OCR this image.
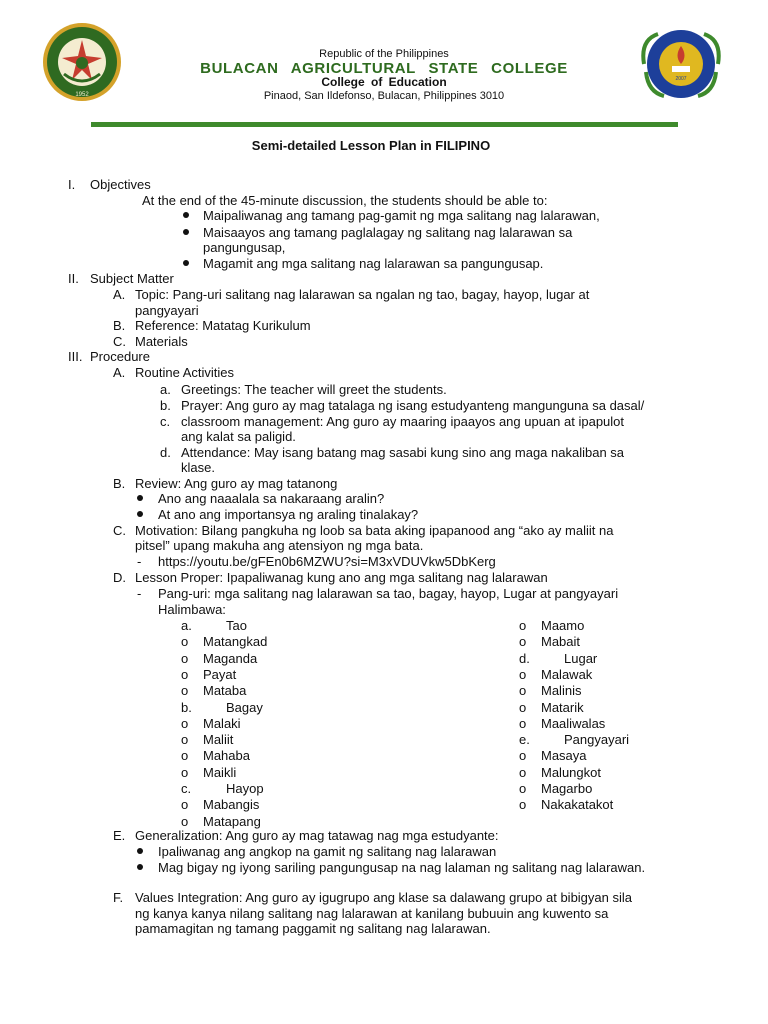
1952
2007
Republic of the Philippines
BULACAN AGRICULTURAL STATE COLLEGE
College of Education
Pinaod, San Ildefonso, Bulacan, Philippines 3010
Semi-detailed Lesson Plan in FILIPINO
I. Objectives
At the end of the 45-minute discussion, the students should be able to:
Maipaliwanag ang tamang pag-gamit ng mga salitang nag lalarawan,
Maisaayos ang tamang paglalagay ng salitang nag lalarawan sa
pangungusap,
Magamit ang mga salitang nag lalarawan sa pangungusap.
II. Subject Matter
A. Topic: Pang-uri salitang nag lalarawan sa ngalan ng tao, bagay, hayop, lugar at
pangyayari
B. Reference: Matatag Kurikulum
C. Materials
III. Procedure
A. Routine Activities
a. Greetings: The teacher will greet the students.
b. Prayer: Ang guro ay mag tatalaga ng isang estudyanteng mangunguna sa dasal/
c. classroom management: Ang guro ay maaring ipaayos ang upuan at ipapulot
ang kalat sa paligid.
d. Attendance: May isang batang mag sasabi kung sino ang maga nakaliban sa
klase.
B. Review: Ang guro ay mag tatanong
Ano ang naaalala sa nakaraang aralin?
At ano ang importansya ng araling tinalakay?
C. Motivation: Bilang pangkuha ng loob sa bata aking ipapanood ang “ako ay maliit na
pitsel” upang makuha ang atensiyon ng mga bata.
- https://youtu.be/gFEn0b6MZWU?si=M3xVDUVkw5DbKerg
D. Lesson Proper: Ipapaliwanag kung ano ang mga salitang nag lalarawan
- Pang-uri: mga salitang nag lalarawan sa tao, bagay, hayop, Lugar at pangyayari
Halimbawa:
a.	Tao
o Matangkad
o Maganda
o Payat
o Mataba
b.	Bagay
o Malaki
o Maliit
o Mahaba
o Maikli
c.	Hayop
o Mabangis
o Matapang
o Maamo
o Mabait
d.	Lugar
o Malawak
o Malinis
o Matarik
o Maaliwalas
e.	Pangyayari
o Masaya
o Malungkot
o Magarbo
o Nakakatakot
E. Generalization: Ang guro ay mag tatawag nag mga estudyante:
Ipaliwanag ang angkop na gamit ng salitang nag lalarawan
Mag bigay ng iyong sariling pangungusap na nag lalaman ng salitang nag lalarawan.
F. Values Integration: Ang guro ay igugrupo ang klase sa dalawang grupo at bibigyan sila
ng kanya kanya nilang salitang nag lalarawan at kanilang bubuuin ang kuwento sa
pamamagitan ng tamang paggamit ng salitang nag lalarawan.
